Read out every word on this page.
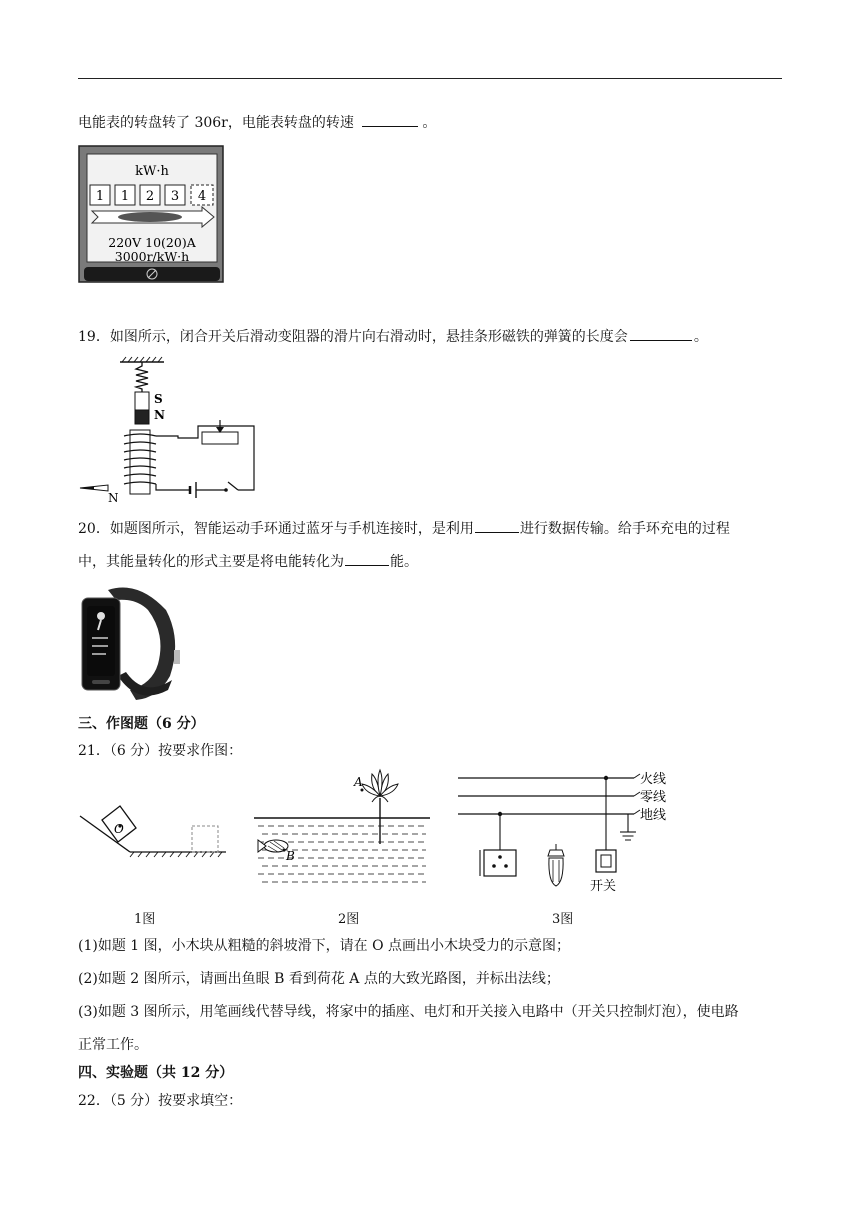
电能表的转盘转了 306r，电能表转盘的转速	。
kW·h
1 1 2 3 4
220V 10(20)A
3000r/kW·h
19．如图所示，闭合开关后滑动变阻器的滑片向右滑动时，悬挂条形磁铁的弹簧的长度会	。
S
N
N
20．如题图所示，智能运动手环通过蓝牙与手机连接时，是利用	进行数据传输。给手环充电的过程
中，其能量转化的形式主要是将电能转化为	能。
三、作图题（6 分）
21．（6 分）按要求作图：
O
A
B
火线
零线
地线
开关
1图	2图	3图
(1)如题 1 图，小木块从粗糙的斜坡滑下，请在 O 点画出小木块受力的示意图；
(2)如题 2 图所示，请画出鱼眼 B 看到荷花 A 点的大致光路图，并标出法线；
(3)如题 3 图所示，用笔画线代替导线，将家中的插座、电灯和开关接入电路中（开关只控制灯泡），使电路
正常工作。
四、实验题（共 12 分）
22．（5 分）按要求填空：
